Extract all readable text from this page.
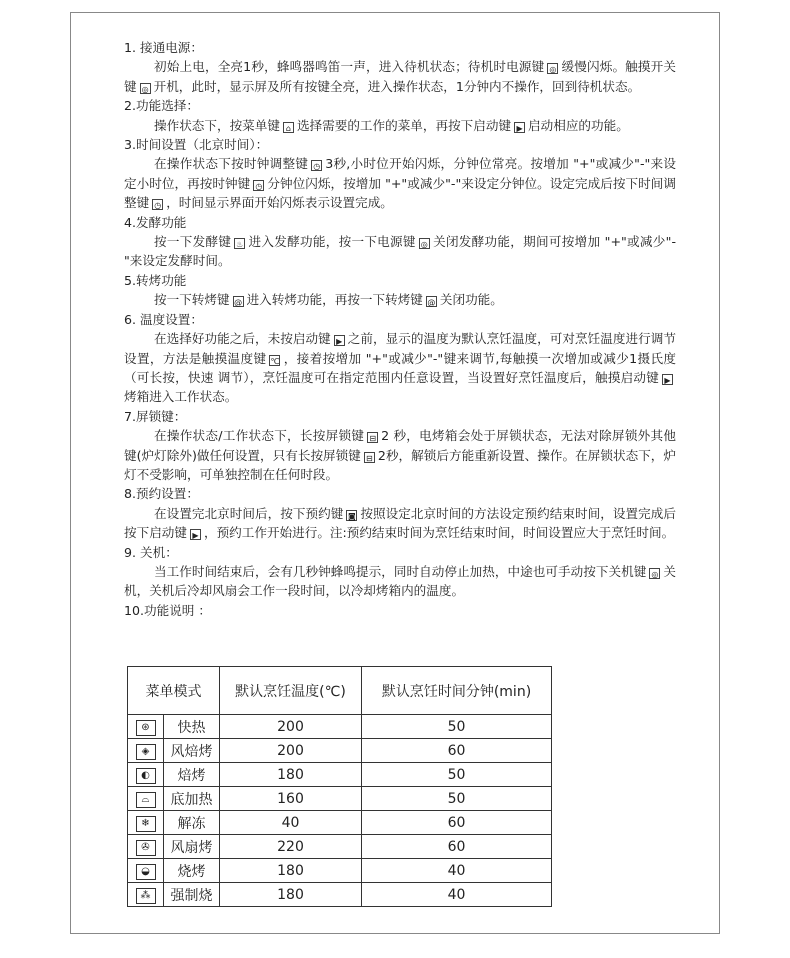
1. 接通电源：
初始上电，全亮1秒，蜂鸣器鸣笛一声，进入待机状态；待机时电源键 ◎ 缓慢闪烁。触摸开关键 ◎ 开机，此时，显示屏及所有按键全亮，进入操作状态，1分钟内不操作，回到待机状态。
2.功能选择：
操作状态下，按菜单键 ⌂ 选择需要的工作的菜单，再按下启动键 ▶ 启动相应的功能。
3.时间设置（北京时间）：
在操作状态下按时钟调整键 ◷ 3秒,小时位开始闪烁，分钟位常亮。按增加 "+"或减少"-"来设定小时位，再按时钟键 ◷ 分钟位闪烁，按增加 "+"或减少"-"来设定分钟位。设定完成后按下时间调整键 ◷ ，时间显示界面开始闪烁表示设置完成。
4.发酵功能
按一下发酵键 ♨ 进入发酵功能，按一下电源键 ◎ 关闭发酵功能，期间可按增加 "+"或减少"-"来设定发酵时间。
5.转烤功能
按一下转烤键 @ 进入转烤功能，再按一下转烤键 @ 关闭功能。
6. 温度设置：
在选择好功能之后，未按启动键 ▶ 之前，显示的温度为默认烹饪温度，可对烹饪温度进行调节设置，方法是触摸温度键 ℃ ，接着按增加 "+"或减少"-"键来调节,每触摸一次增加或减少1摄氏度（可长按，快速 调节），烹饪温度可在指定范围内任意设置，当设置好烹饪温度后，触摸启动键 ▶烤箱进入工作状态。
7.屏锁键：
在操作状态/工作状态下，长按屏锁键 ⊟ 2 秒，电烤箱会处于屏锁状态，无法对除屏锁外其他键(炉灯除外)做任何设置，只有长按屏锁键 ⊟ 2秒，解锁后方能重新设置、操作。在屏锁状态下，炉灯不受影响，可单独控制在任何时段。
8.预约设置：
在设置完北京时间后，按下预约键 ◙ 按照设定北京时间的方法设定预约结束时间，设置完成后按下启动键 ▶ ，预约工作开始进行。注:预约结束时间为烹饪结束时间，时间设置应大于烹饪时间。
9. 关机：
当工作时间结束后，会有几秒钟蜂鸣提示，同时自动停止加热，中途也可手动按下关机键 ◎ 关机，关机后冷却风扇会工作一段时间，以冷却烤箱内的温度。
10.功能说明 ：
菜单模式		默认烹饪温度(℃)	默认烹饪时间分钟(min)
⊛	快热	200	50
◈	风焙烤	200	60
◐	焙烤	180	50
⌓	底加热	160	50
❄	解冻	40	60
✇	风扇烤	220	60
◒	烧烤	180	40
⁂	强制烧	180	40
